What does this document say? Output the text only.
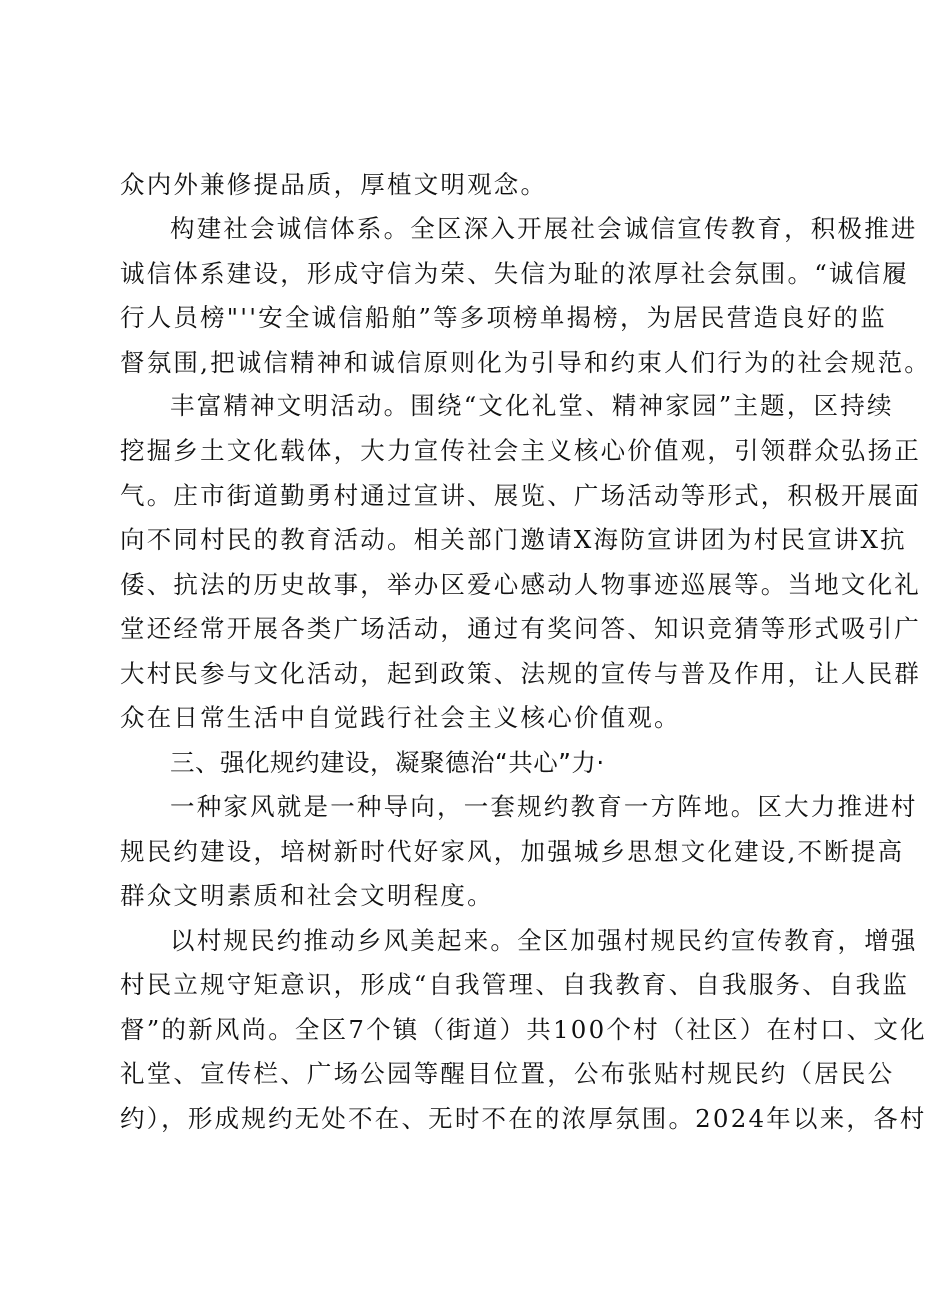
众内外兼修提品质，厚植文明观念。
构建社会诚信体系。全区深入开展社会诚信宣传教育，积极推进
诚信体系建设，形成守信为荣、失信为耻的浓厚社会氛围。“诚信履
行人员榜"''安全诚信船舶”等多项榜单揭榜，为居民营造良好的监
督氛围,把诚信精神和诚信原则化为引导和约束人们行为的社会规范。
丰富精神文明活动。围绕“文化礼堂、精神家园”主题，区持续
挖掘乡土文化载体，大力宣传社会主义核心价值观，引领群众弘扬正
气。庄市街道勤勇村通过宣讲、展览、广场活动等形式，积极开展面
向不同村民的教育活动。相关部门邀请X海防宣讲团为村民宣讲X抗
倭、抗法的历史故事，举办区爱心感动人物事迹巡展等。当地文化礼
堂还经常开展各类广场活动，通过有奖问答、知识竞猜等形式吸引广
大村民参与文化活动，起到政策、法规的宣传与普及作用，让人民群
众在日常生活中自觉践行社会主义核心价值观。
三、强化规约建设，凝聚德治“共心”力·
一种家风就是一种导向，一套规约教育一方阵地。区大力推进村
规民约建设，培树新时代好家风，加强城乡思想文化建设,不断提高
群众文明素质和社会文明程度。
以村规民约推动乡风美起来。全区加强村规民约宣传教育，增强
村民立规守矩意识，形成“自我管理、自我教育、自我服务、自我监
督”的新风尚。全区7个镇（街道）共100个村（社区）在村口、文化
礼堂、宣传栏、广场公园等醒目位置，公布张贴村规民约（居民公
约），形成规约无处不在、无时不在的浓厚氛围。2024年以来，各村
